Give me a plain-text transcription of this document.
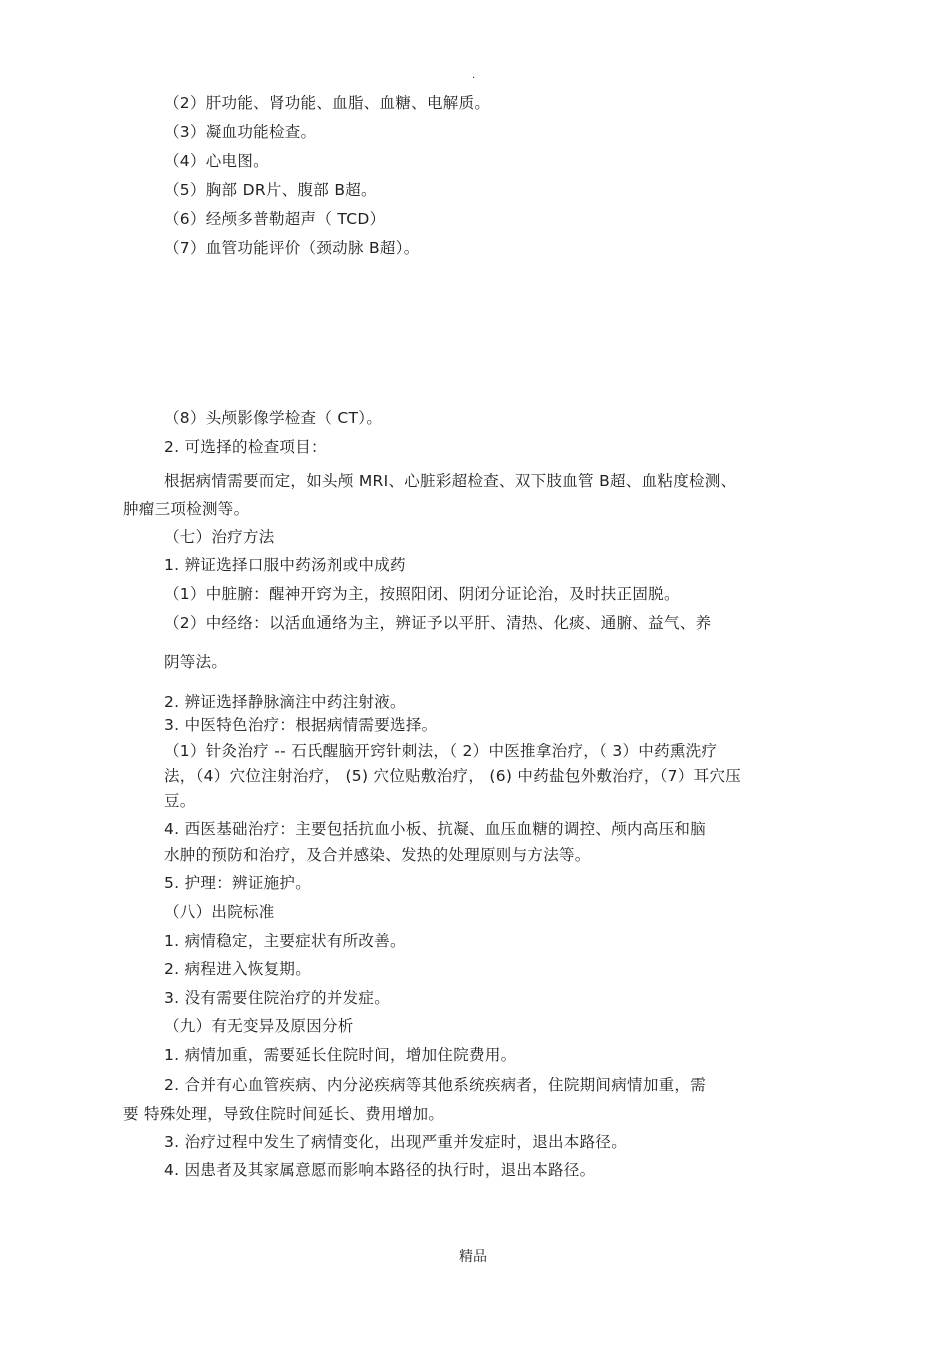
.
（2）肝功能、肾功能、血脂、血糖、电解质。
（3）凝血功能检查。
（4）心电图。
（5）胸部 DR片、腹部 B超。
（6）经颅多普勒超声（ TCD）
（7）血管功能评价（颈动脉 B超）。
（8）头颅影像学检查（ CT）。
2. 可选择的检查项目：
根据病情需要而定，如头颅 MRI、心脏彩超检查、双下肢血管 B超、血粘度检测、
肿瘤三项检测等。
（七）治疗方法
1. 辨证选择口服中药汤剂或中成药
（1）中脏腑：醒神开窍为主，按照阳闭、阴闭分证论治，及时扶正固脱。
（2）中经络：以活血通络为主，辨证予以平肝、清热、化痰、通腑、益气、养
阴等法。
2. 辨证选择静脉滴注中药注射液。
3. 中医特色治疗：根据病情需要选择。
（1）针灸治疗 -- 石氏醒脑开窍针刺法，（ 2）中医推拿治疗，（ 3）中药熏洗疗
法，（4）穴位注射治疗， (5) 穴位贴敷治疗， (6) 中药盐包外敷治疗，（7）耳穴压
豆。
4. 西医基础治疗：主要包括抗血小板、抗凝、血压血糖的调控、颅内高压和脑
水肿的预防和治疗，及合并感染、发热的处理原则与方法等。
5. 护理：辨证施护。
（八）出院标准
1. 病情稳定，主要症状有所改善。
2. 病程进入恢复期。
3. 没有需要住院治疗的并发症。
（九）有无变异及原因分析
1. 病情加重，需要延长住院时间，增加住院费用。
2. 合并有心血管疾病、内分泌疾病等其他系统疾病者，住院期间病情加重，需
要 特殊处理，导致住院时间延长、费用增加。
3. 治疗过程中发生了病情变化，出现严重并发症时，退出本路径。
4. 因患者及其家属意愿而影响本路径的执行时，退出本路径。
精品
